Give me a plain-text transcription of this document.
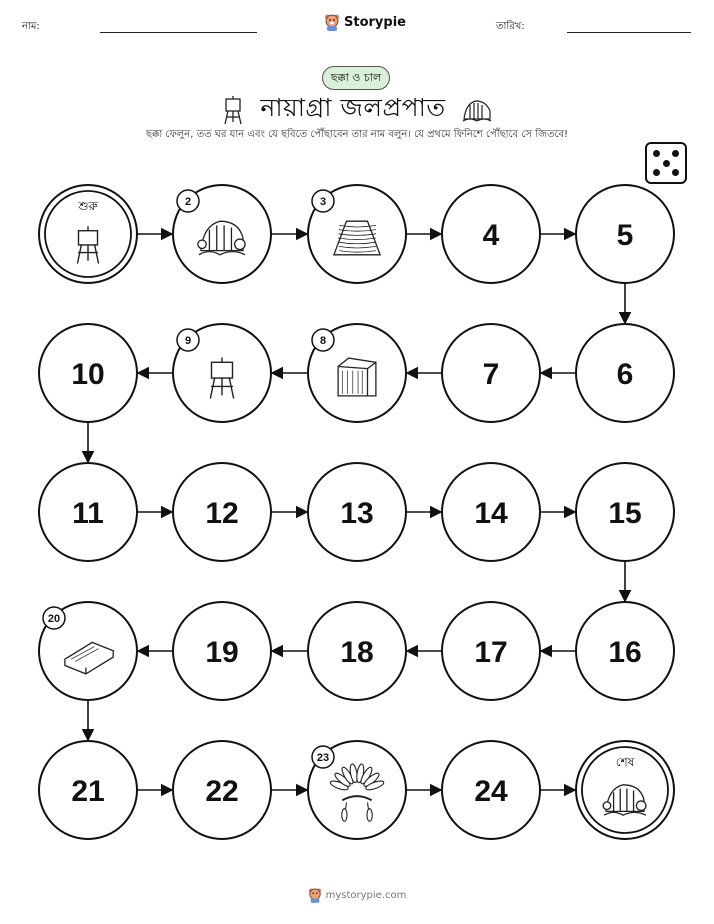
নাম:	Storypie	তারিখ:
ছক্কা ও চাল
নায়াগ্রা জলপ্রপাত
ছক্কা ফেলুন, তত ঘর যান এবং যে ছবিতে পৌঁছাবেন তার নাম বলুন। যে প্রথমে ফিনিশে পৌঁছাবে সে জিতবে!
শুরু	2	3
4	5
6
7
8
9
10
11	12	13	14	15
16
17
18
19
20
21	22
23
24
শেষ
mystorypie.com
